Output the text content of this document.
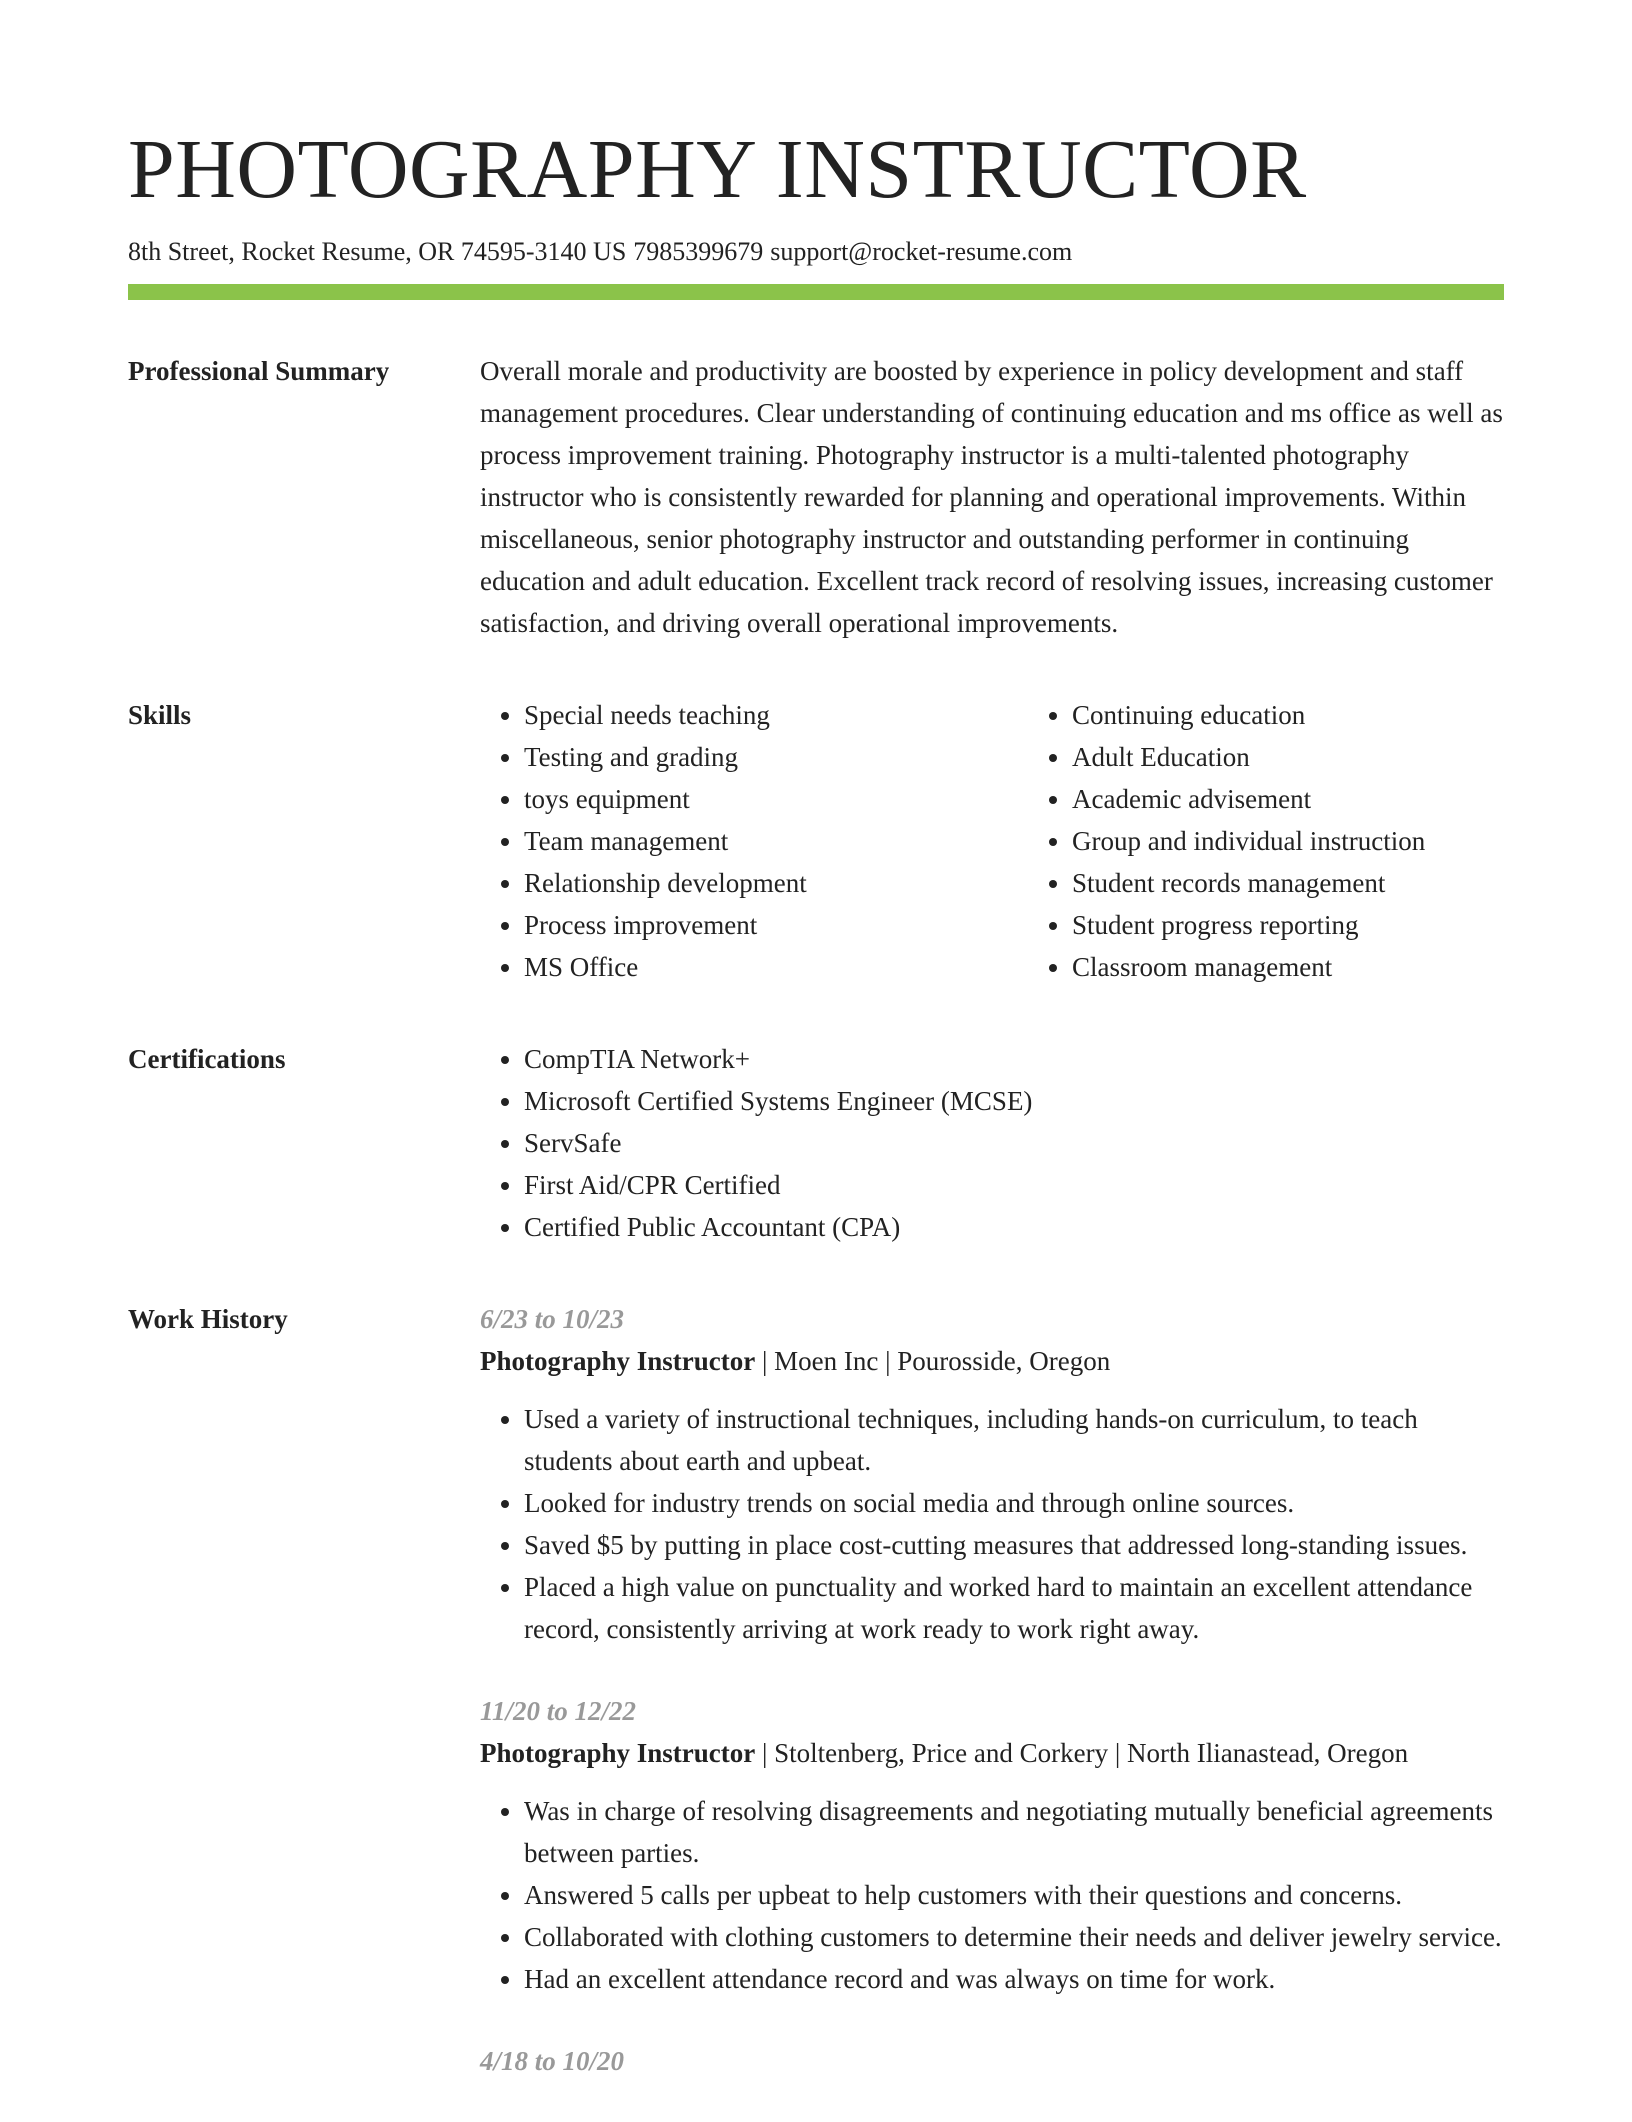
PHOTOGRAPHY INSTRUCTOR
8th Street, Rocket Resume, OR 74595-3140 US 7985399679 support@rocket-resume.com
Professional Summary	Overall morale and productivity are boosted by experience in policy development and staff management procedures. Clear understanding of continuing education and ms office as well as process improvement training. Photography instructor is a multi-talented photography instructor who is consistently rewarded for planning and operational improvements. Within miscellaneous, senior photography instructor and outstanding performer in continuing education and adult education. Excellent track record of resolving issues, increasing customer satisfaction, and driving overall operational improvements.

Skills	• Special needs teaching
• Testing and grading
• toys equipment
• Team management
• Relationship development
• Process improvement
• MS Office
• Continuing education
• Adult Education
• Academic advisement
• Group and individual instruction
• Student records management
• Student progress reporting
• Classroom management
Certifications	• CompTIA Network+
• Microsoft Certified Systems Engineer (MCSE)
• ServSafe
• First Aid/CPR Certified
• Certified Public Accountant (CPA)
Work History	6/23 to 10/23
Photography Instructor | Moen Inc | Pourosside, Oregon
• Used a variety of instructional techniques, including hands-on curriculum, to teach students about earth and upbeat.
• Looked for industry trends on social media and through online sources.
• Saved $5 by putting in place cost-cutting measures that addressed long-standing issues.
• Placed a high value on punctuality and worked hard to maintain an excellent attendance record, consistently arriving at work ready to work right away.
11/20 to 12/22
Photography Instructor | Stoltenberg, Price and Corkery | North Ilianastead, Oregon
• Was in charge of resolving disagreements and negotiating mutually beneficial agreements between parties.
• Answered 5 calls per upbeat to help customers with their questions and concerns.
• Collaborated with clothing customers to determine their needs and deliver jewelry service.
• Had an excellent attendance record and was always on time for work.
4/18 to 10/20
